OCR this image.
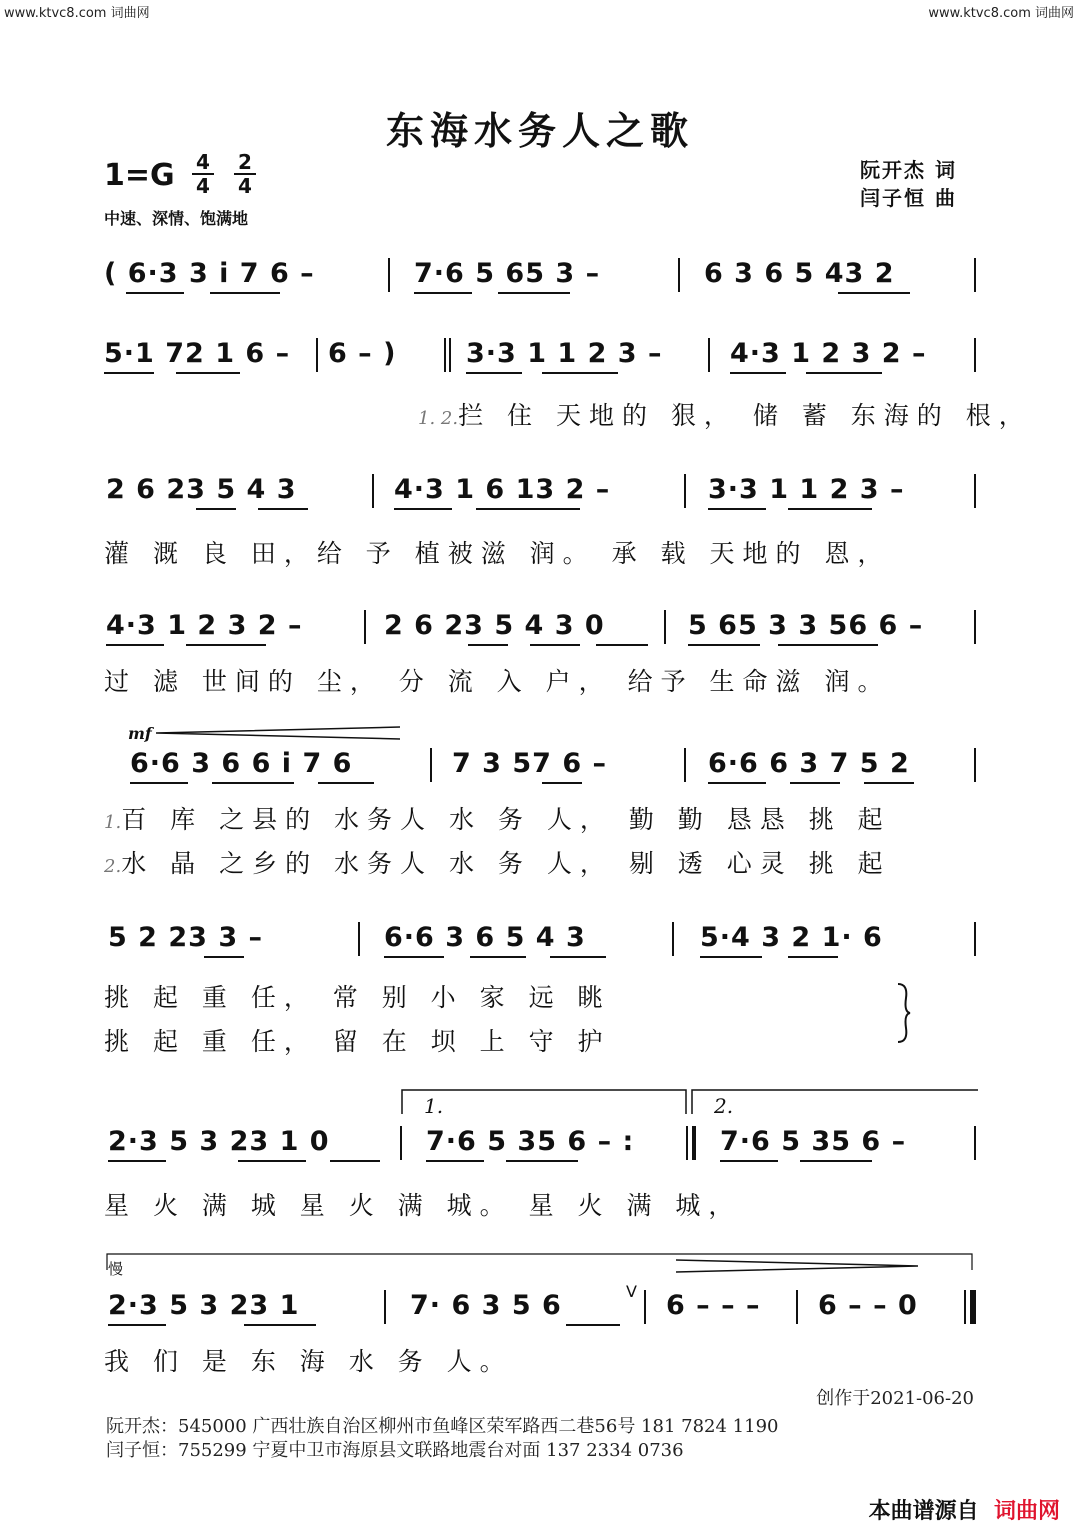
www.ktvc8.com 词曲网	www.ktvc8.com 词曲网
东海水务人之歌
1=G 4
4
2
4
中速、深情、饱满地
阮开杰 词
闫子恒 曲
( 6·3 3 i 7 6 –	7·6 5 65 3 –	6 3 6 5 43 2
5·1 72 1 6 – 6 – )	3·3 1 1 2 3 –	4·3 1 2 3 2 –
1. 2.拦 住 天地的 狠， 储 蓄 东海的 根，
2 6 23 5 4 3	4·3 1 6 13 2 –	3·3 1 1 2 3 –
灌 溉 良 田，给 予 植被滋 润。 承 载 天地的 恩，
4·3 1 2 3 2 –	2 6 23 5 4 3 0	5 65 3 3 56 6 –
过 滤 世间的 尘， 分 流 入 户， 给予 生命滋 润。
mf
6·6 3 6 6 i 7 6	7 3 57 6 –	6·6 6 3 7 5 2
1.百 库 之县的 水务人 水 务 人， 勤 勤 恳恳 挑 起
2.水 晶 之乡的 水务人 水 务 人， 剔 透 心灵 挑 起
5 2 23 3 –	6·6 3 6 5 4 3	5·4 3 2 1· 6
挑 起 重 任， 常 别 小 家 远 眺
挑 起 重 任， 留 在 坝 上 守 护
1.	2.
2·3 5 3 23 1 0	7·6 5 35 6 – :	7·6 5 35 6 –
星 火 满 城 星 火 满 城。 星 火 满 城，
慢
2·3 5 3 23 1	7· 6 3 5 6	V 6 – – – 6 – – 0
我 们 是 东 海 水 务 人。
创作于2021-06-20
阮开杰：545000 广西壮族自治区柳州市鱼峰区荣军路西二巷56号 181 7824 1190
闫子恒：755299 宁夏中卫市海原县文联路地震台对面 137 2334 0736
本曲谱源自 词曲网
